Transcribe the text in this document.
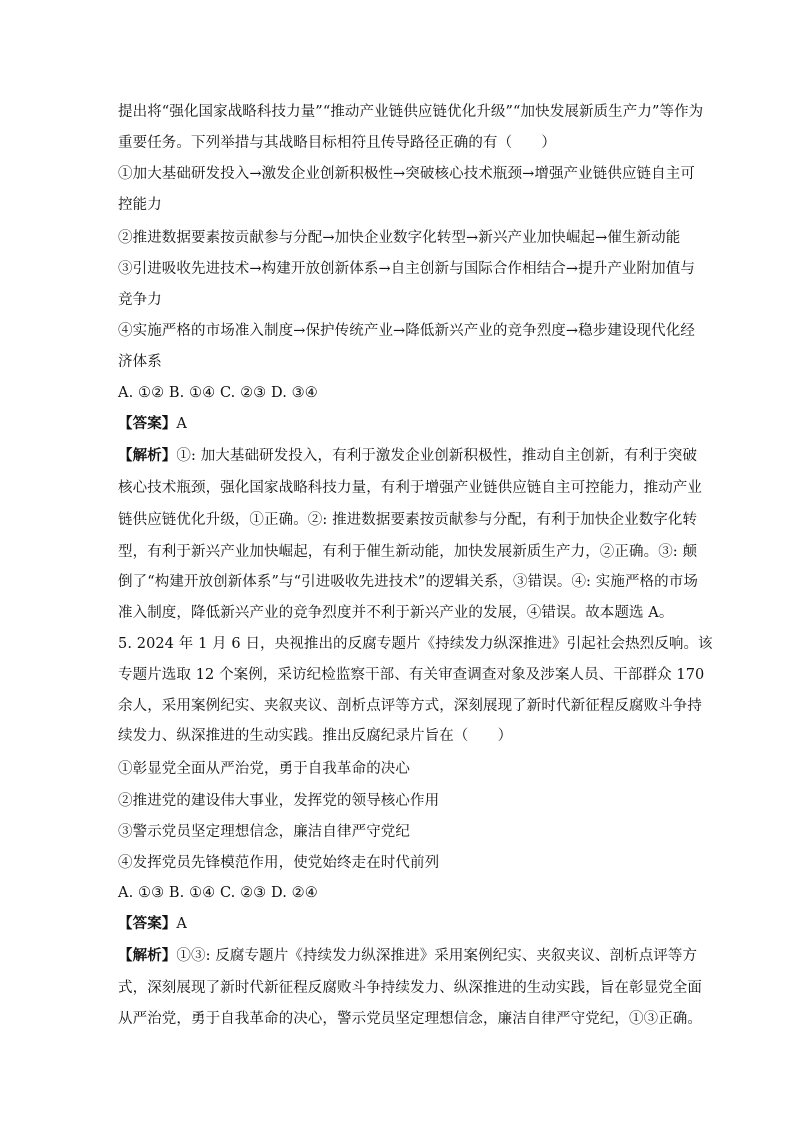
提出将“强化国家战略科技力量”“推动产业链供应链优化升级”“加快发展新质生产力”等作为
重要任务。下列举措与其战略目标相符且传导路径正确的有（　　）
①加大基础研发投入→激发企业创新积极性→突破核心技术瓶颈→增强产业链供应链自主可
控能力
②推进数据要素按贡献参与分配→加快企业数字化转型→新兴产业加快崛起→催生新动能
③引进吸收先进技术→构建开放创新体系→自主创新与国际合作相结合→提升产业附加值与
竞争力
④实施严格的市场准入制度→保护传统产业→降低新兴产业的竞争烈度→稳步建设现代化经
济体系
A. ①② B. ①④ C. ②③ D. ③④
【答案】A
【解析】①: 加大基础研发投入，有利于激发企业创新积极性，推动自主创新，有利于突破
核心技术瓶颈，强化国家战略科技力量，有利于增强产业链供应链自主可控能力，推动产业
链供应链优化升级，①正确。②: 推进数据要素按贡献参与分配，有利于加快企业数字化转
型，有利于新兴产业加快崛起，有利于催生新动能，加快发展新质生产力，②正确。③: 颠
倒了“构建开放创新体系”与“引进吸收先进技术”的逻辑关系，③错误。④: 实施严格的市场
准入制度，降低新兴产业的竞争烈度并不利于新兴产业的发展，④错误。故本题选 A。
5. 2024 年 1 月 6 日，央视推出的反腐专题片《持续发力纵深推进》引起社会热烈反响。该
专题片选取 12 个案例，采访纪检监察干部、有关审查调查对象及涉案人员、干部群众 170
余人，采用案例纪实、夹叙夹议、剖析点评等方式，深刻展现了新时代新征程反腐败斗争持
续发力、纵深推进的生动实践。推出反腐纪录片旨在（　　）
①彰显党全面从严治党，勇于自我革命的决心
②推进党的建设伟大事业，发挥党的领导核心作用
③警示党员坚定理想信念，廉洁自律严守党纪
④发挥党员先锋模范作用，使党始终走在时代前列
A. ①③ B. ①④ C. ②③ D. ②④
【答案】A
【解析】①③: 反腐专题片《持续发力纵深推进》采用案例纪实、夹叙夹议、剖析点评等方
式，深刻展现了新时代新征程反腐败斗争持续发力、纵深推进的生动实践，旨在彰显党全面
从严治党，勇于自我革命的决心，警示党员坚定理想信念，廉洁自律严守党纪，①③正确。
